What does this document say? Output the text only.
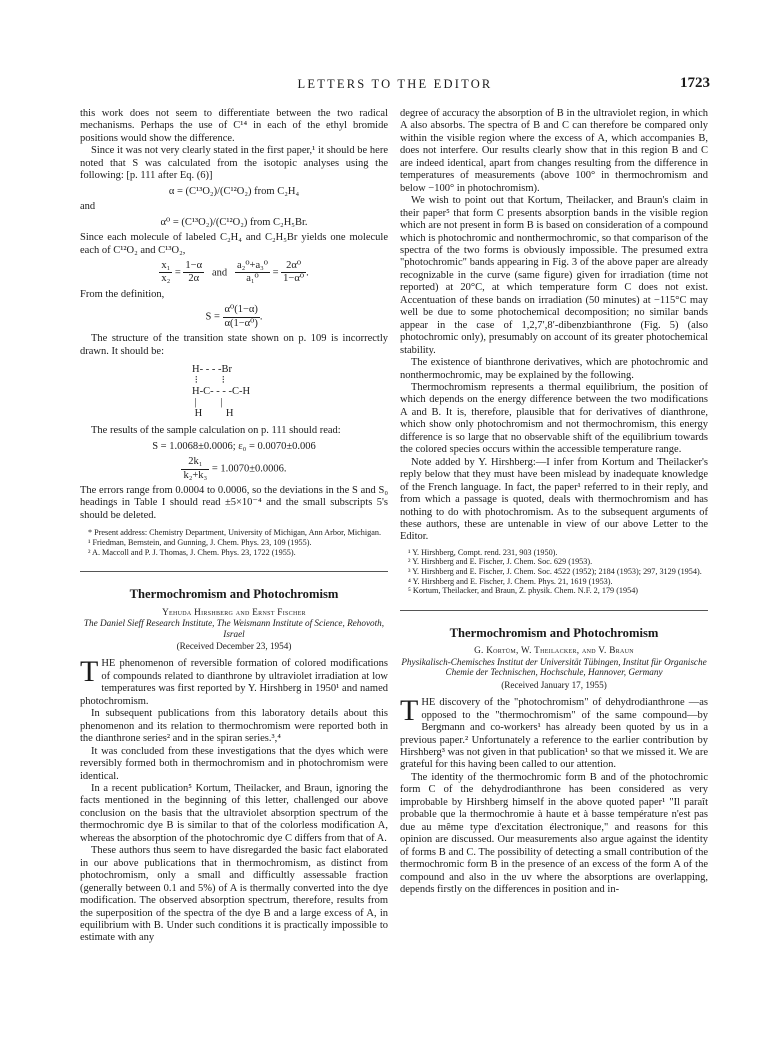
LETTERS TO THE EDITOR	1723

this work does not seem to differentiate between the two radical mechanisms. Perhaps the use of C¹⁴ in each of the ethyl bromide positions would show the difference.

Since it was not very clearly stated in the first paper,¹ it should be here noted that S was calculated from the isotopic analyses using the following: [p. 111 after Eq. (6)]

α = (C¹³O₂)/(C¹²O₂) from C₂H₄

and

α⁰ = (C¹³O₂)/(C¹²O₂) from C₂H₅Br.

Since each molecule of labeled C₂H₄ and C₂H₅Br yields one molecule each of C¹²O₂ and C¹³O₂,

$\frac{\text{x₁}}{\text{x₂}} = \frac{1-\alpha}{2\alpha}$ and $\frac{\text{a₂⁰+a₃⁰}}{\text{a₁⁰}} = \frac{\text{2α⁰}}{\text{1−α⁰}}$ .

From the definition,

$S = \frac{\text{α⁰(1−α)}}{\text{α(1−α⁰)}}$ .

The structure of the transition state shown on p. 109 is incorrectly drawn. It should be:

H- - - -Br
⁝         ⁝
H-C- - - -C-H
|         |
H         H

The results of the sample calculation on p. 111 should read:

S = 1.0068±0.0006; ε₀ = 0.0070±0.006
$\frac{\text{2k₁}}{\text{k₂+k₃}} = 1.0070\pm 0.0006$.

The errors range from 0.0004 to 0.0006, so the deviations in the S and S₀ headings in Table I should read ±5×10⁻⁴ and the small subscripts 5's should be deleted.

* Present address: Chemistry Department, University of Michigan, Ann Arbor, Michigan.

¹ Friedman, Bernstein, and Gunning, J. Chem. Phys. 23, 109 (1955).

² A. Maccoll and P. J. Thomas, J. Chem. Phys. 23, 1722 (1955).

Thermochromism and Photochromism

Yehuda Hirshberg and Ernst Fischer

The Daniel Sieff Research Institute, The Weismann Institute of Science, Rehovoth, Israel

(Received December 23, 1954)

THE phenomenon of reversible formation of colored modifications of compounds related to dianthrone by ultraviolet irradiation at low temperatures was first reported by Y. Hirshberg in 1950¹ and named photochromism.

In subsequent publications from this laboratory details about this phenomenon and its relation to thermochromism were reported both in the dianthrone series² and in the spiran series.³,⁴

It was concluded from these investigations that the dyes which were reversibly formed both in thermochromism and in photochromism were identical.

In a recent publication⁵ Kortum, Theilacker, and Braun, ignoring the facts mentioned in the beginning of this letter, challenged our above conclusion on the basis that the ultraviolet absorption spectrum of the thermochromic dye B is similar to that of the colorless modification A, whereas the absorption of the photochromic dye C differs from that of A.

These authors thus seem to have disregarded the basic fact elaborated in our above publications that in thermochromism, as distinct from photochromism, only a small and difficultly assessable fraction (generally between 0.1 and 5%) of A is thermally converted into the dye modification. The observed absorption spectrum, therefore, results from the superposition of the spectra of the dye B and a large excess of A, in equilibrium with B. Under such conditions it is practically impossible to estimate with any

degree of accuracy the absorption of B in the ultraviolet region, in which A also absorbs. The spectra of B and C can therefore be compared only within the visible region where the excess of A, which accompanies B, does not interfere. Our results clearly show that in this region B and C are indeed identical, apart from changes resulting from the difference in temperatures of measurements (above 100° in thermochromism and below −100° in photochromism).

We wish to point out that Kortum, Theilacker, and Braun's claim in their paper⁵ that form C presents absorption bands in the visible region which are not present in form B is based on consideration of a compound which is photochromic and nonthermochromic, so that comparison of the spectra of the two forms is obviously impossible. The presumed extra "photochromic" bands appearing in Fig. 3 of the above paper are already recognizable in the curve (same figure) given for irradiation (time not reported) at 20°C, at which temperature form C does not exist. Accentuation of these bands on irradiation (50 minutes) at −115°C may well be due to some photochemical decomposition; no similar bands appear in the case of 1,2,7′,8′-dibenzbianthrone (Fig. 5) (also photochromic only), presumably on account of its greater photochemical stability.

The existence of bianthrone derivatives, which are photochromic and nonthermochromic, may be explained by the following.

Thermochromism represents a thermal equilibrium, the position of which depends on the energy difference between the two modifications A and B. It is, therefore, plausible that for derivatives of dianthrone, which show only photochromism and not thermochromism, this energy difference is so large that no observable shift of the equilibrium towards the colored species occurs within the accessible temperature range.

Note added by Y. Hirshberg:—I infer from Kortum and Theilacker's reply below that they must have been mislead by inadequate knowledge of the French language. In fact, the paper¹ referred to in their reply, and from which a passage is quoted, deals with thermochromism and has nothing to do with photochromism. As to the subsequent arguments of these authors, these are untenable in view of our above Letter to the Editor.

¹ Y. Hirshberg, Compt. rend. 231, 903 (1950).

² Y. Hirshberg and E. Fischer, J. Chem. Soc. 629 (1953).

³ Y. Hirshberg and E. Fischer, J. Chem. Soc. 4522 (1952); 2184 (1953); 297, 3129 (1954).

⁴ Y. Hirshberg and E. Fischer, J. Chem. Phys. 21, 1619 (1953).

⁵ Kortum, Theilacker, and Braun, Z. physik. Chem. N.F. 2, 179 (1954)

Thermochromism and Photochromism

G. Kortüm, W. Theilacker, and V. Braun

Physikalisch-Chemisches Institut der Universität Tübingen, Institut für Organische Chemie der Technischen, Hochschule, Hannover, Germany

(Received January 17, 1955)

THE discovery of the "photochromism" of dehydrodianthrone —as opposed to the "thermochromism" of the same compound—by Bergmann and co-workers¹ has already been quoted by us in a previous paper.² Unfortunately a reference to the earlier contribution by Hirshberg³ was not given in that publication¹ so that we missed it. We are grateful for this having been called to our attention.

The identity of the thermochromic form B and of the photochromic form C of the dehydrodianthrone has been considered as very improbable by Hirshberg himself in the above quoted paper¹ "Il paraît probable que la thermochromie à haute et à basse température n'est pas due au même type d'excitation électronique," and reasons for this opinion are discussed. Our measurements also argue against the identity of forms B and C. The possibility of detecting a small contribution of the thermochromic form B in the presence of an excess of the form A of the compound and also in the uv where the absorptions are overlapping, depends firstly on the differences in position and in-
